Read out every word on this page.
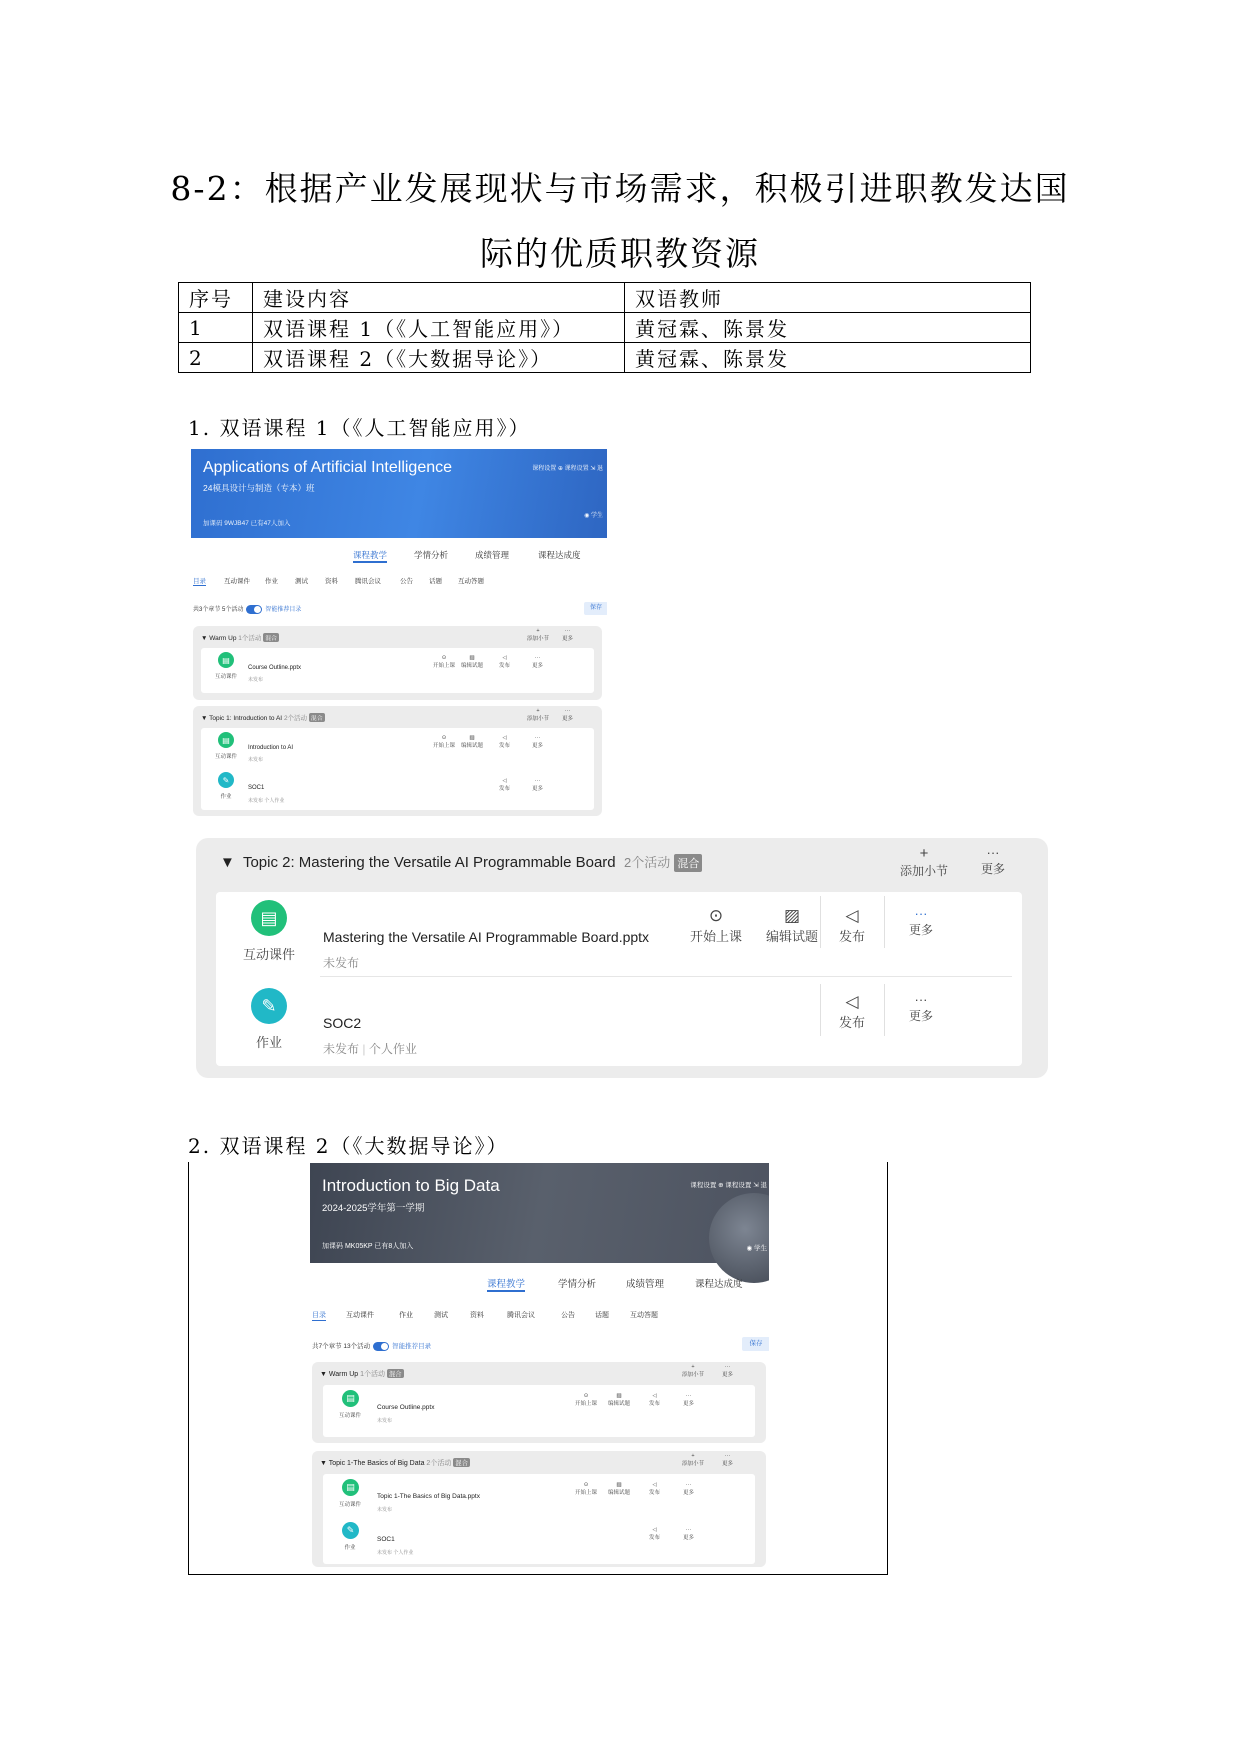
8-2：根据产业发展现状与市场需求，积极引进职教发达国
际的优质职教资源
序号	建设内容	双语教师
1	双语课程 1（《人工智能应用》）	黄冠霖、陈景发
2	双语课程 2（《大数据导论》）	黄冠霖、陈景发
1. 双语课程 1（《人工智能应用》）
Applications of Artificial Intelligence
24模具设计与制造（专本）班
加课码 9WJB47 已有47人加入
课程设置 ⊕ 课程设置 ⇲ 退
◉ 学生
课程教学	学情分析	成绩管理	课程达成度
目录	互动课件 作业	测试	资料	腾讯会议	公告 话题 互动答题
共3个章节 5个活动	智能推荐目录	保存
▼ Warm Up 1个活动 混合
+
添加小节
···
更多
▤
互动课件
Course Outline.pptx
未发布
⊙
开始上课
▨
编辑试题
◁
发布
···
更多
▼ Topic 1: Introduction to AI 2个活动 混合
+
添加小节
···
更多
▤
互动课件
Introduction to AI
未发布
⊙
开始上课
▨
编辑试题
◁
发布
···
更多
✎
作业
SOC1
未发布 个人作业
◁
发布
···
更多
▼ Topic 2: Mastering the Versatile AI Programmable Board 2个活动 混合
+
添加小节
···
更多
▤
互动课件
Mastering the Versatile AI Programmable Board.pptx
未发布
⊙
开始上课
▨
编辑试题
◁
发布
···
更多
✎
作业
SOC2
未发布 | 个人作业
◁
发布
···
更多
2. 双语课程 2（《大数据导论》）
Introduction to Big Data
2024-2025学年第一学期
加课码 MK05KP 已有8人加入
课程设置 ⊕ 课程设置 ⇲ 退
◉ 学生
课程教学	学情分析	成绩管理	课程达成度
目录	互动课件	作业	测试	资料	腾讯会议	公告	话题	互动答题
共7个章节 13个活动	智能推荐目录	保存
▼ Warm Up 1个活动 混合
+
添加小节
···
更多
▤
互动课件
Course Outline.pptx
未发布
⊙
开始上课
▨
编辑试题
◁
发布
···
更多
▼ Topic 1-The Basics of Big Data 2个活动 混合
+
添加小节
···
更多
▤
互动课件
Topic 1-The Basics of Big Data.pptx
未发布
⊙
开始上课
▨
编辑试题
◁
发布
···
更多
✎
作业
SOC1
未发布 个人作业
◁
发布
···
更多
